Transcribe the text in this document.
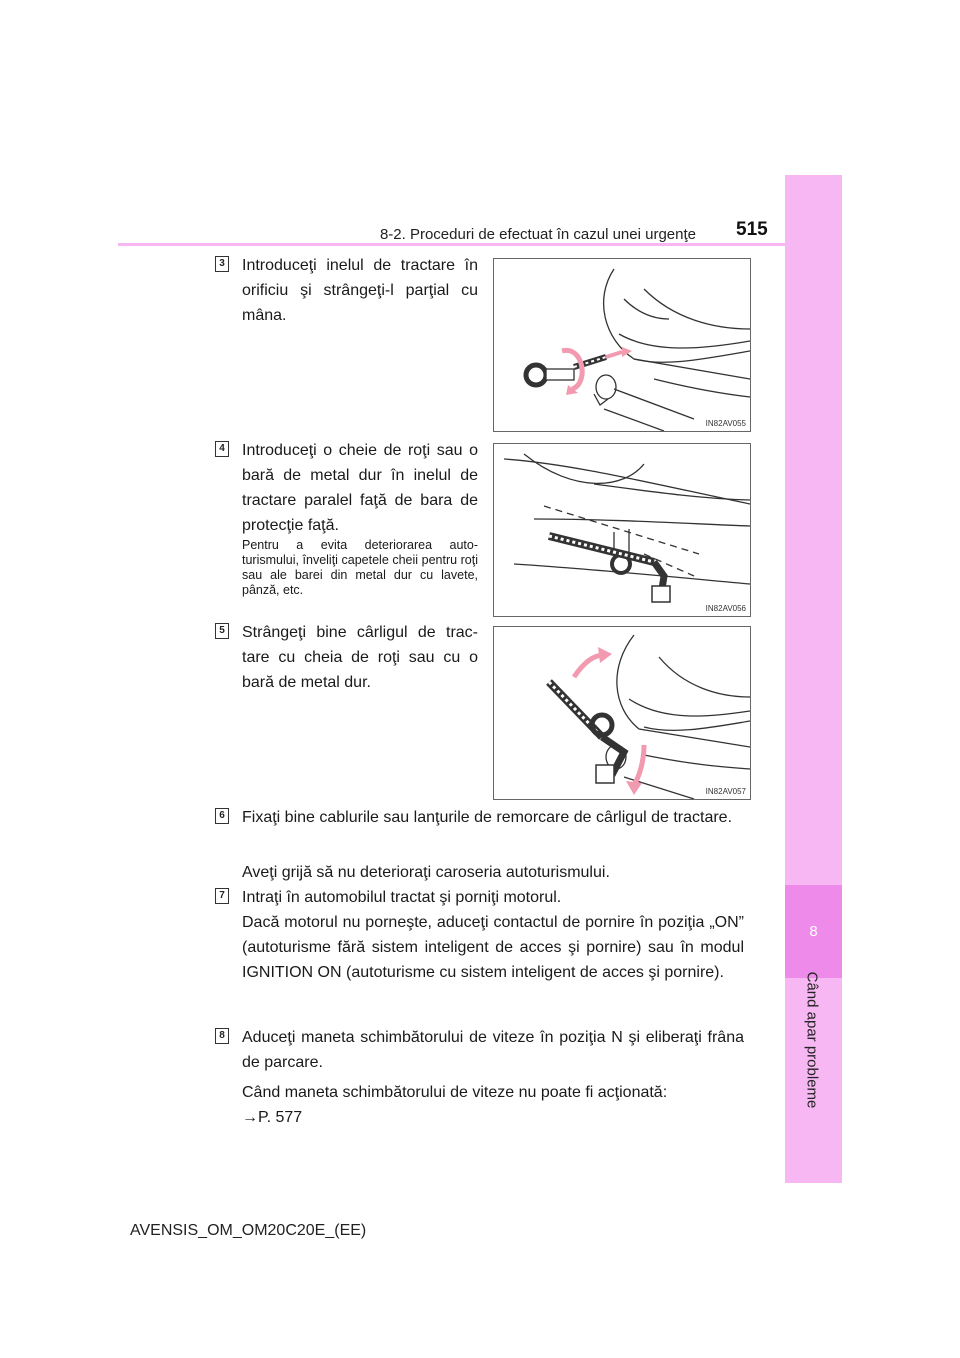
8
Când apar probleme
8-2. Proceduri de efectuat în cazul unei urgenţe 515
3 Introduceţi inelul de tractare în orificiu şi strângeţi-l parţial cu mâna.
IN82AV055
4 Introduceţi o cheie de roţi sau o bară de metal dur în inelul de tractare paralel faţă de bara de protecţie faţă.
Pentru a evita deteriorarea auto-turismului, înveliţi capetele cheii pentru roţi sau ale barei din metal dur cu lavete, pânză, etc.
IN82AV056
5 Strângeţi bine cârligul de trac-tare cu cheia de roţi sau cu o bară de metal dur.
IN82AV057
6 Fixaţi bine cablurile sau lanţurile de remorcare de cârligul de tractare.
Aveţi grijă să nu deterioraţi caroseria autoturismului.
7 Intraţi în automobilul tractat şi porniţi motorul.
Dacă motorul nu porneşte, aduceţi contactul de pornire în poziţia „ON” (autoturisme fără sistem inteligent de acces şi pornire) sau în modul IGNITION ON (autoturisme cu sistem inteligent de acces şi pornire).
8 Aduceţi maneta schimbătorului de viteze în poziţia N şi eliberaţi frâna de parcare.
Când maneta schimbătorului de viteze nu poate fi acţionată:
→P. 577
AVENSIS_OM_OM20C20E_(EE)
